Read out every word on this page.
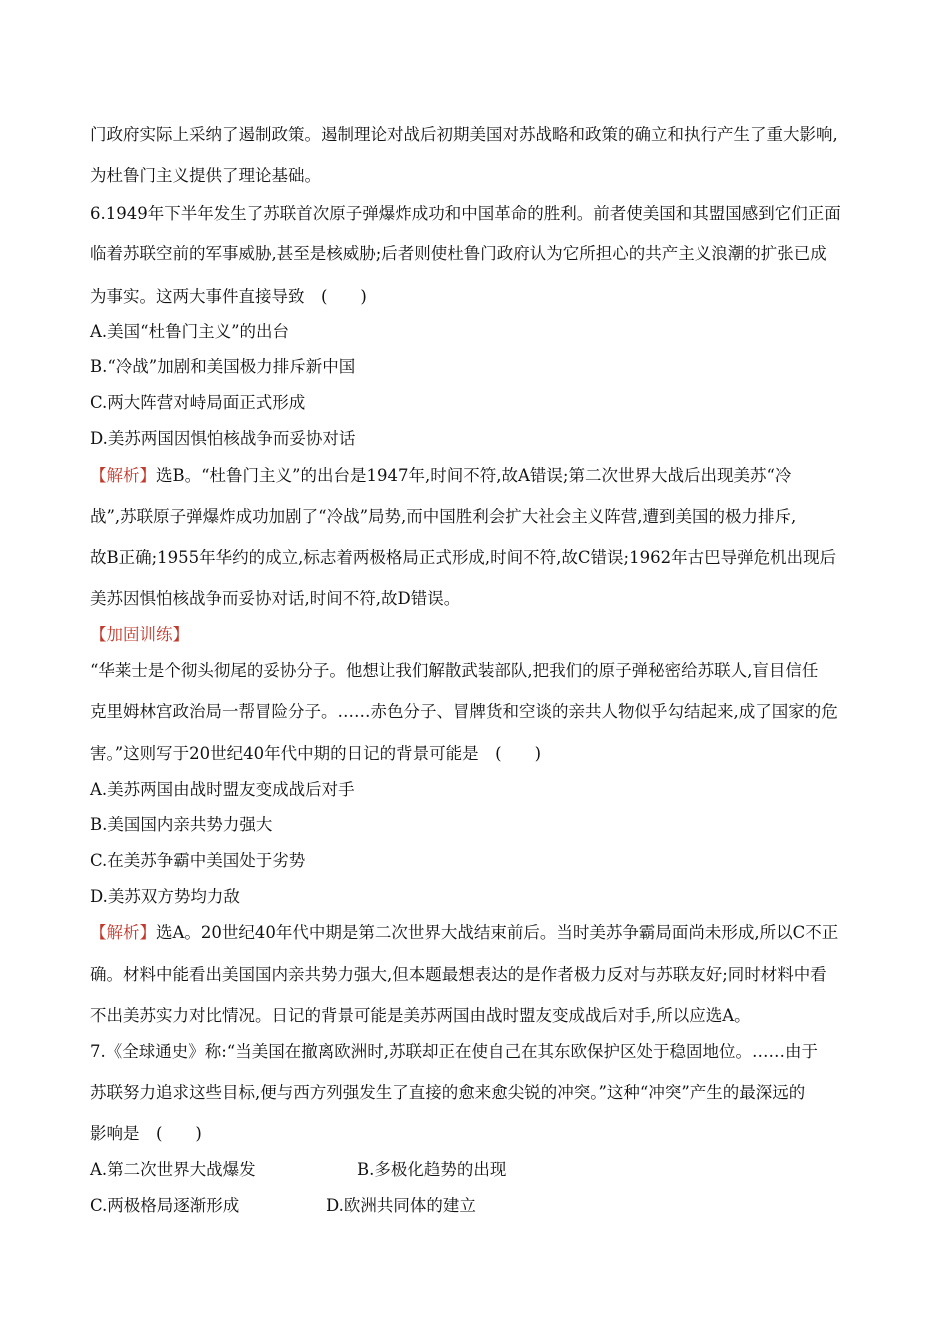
门政府实际上采纳了遏制政策。遏制理论对战后初期美国对苏战略和政策的确立和执行产生了重大影响,
为杜鲁门主义提供了理论基础。
6.1949年下半年发生了苏联首次原子弹爆炸成功和中国革命的胜利。前者使美国和其盟国感到它们正面
临着苏联空前的军事威胁,甚至是核威胁;后者则使杜鲁门政府认为它所担心的共产主义浪潮的扩张已成
为事实。这两大事件直接导致　(　　)
A.美国“杜鲁门主义”的出台
B.“冷战”加剧和美国极力排斥新中国
C.两大阵营对峙局面正式形成
D.美苏两国因惧怕核战争而妥协对话
【解析】选B。“杜鲁门主义”的出台是1947年,时间不符,故A错误;第二次世界大战后出现美苏“冷
战”,苏联原子弹爆炸成功加剧了“冷战”局势,而中国胜利会扩大社会主义阵营,遭到美国的极力排斥,
故B正确;1955年华约的成立,标志着两极格局正式形成,时间不符,故C错误;1962年古巴导弹危机出现后
美苏因惧怕核战争而妥协对话,时间不符,故D错误。
【加固训练】
“华莱士是个彻头彻尾的妥协分子。他想让我们解散武装部队,把我们的原子弹秘密给苏联人,盲目信任
克里姆林宫政治局一帮冒险分子。……赤色分子、冒牌货和空谈的亲共人物似乎勾结起来,成了国家的危
害。”这则写于20世纪40年代中期的日记的背景可能是　(　　)
A.美苏两国由战时盟友变成战后对手
B.美国国内亲共势力强大
C.在美苏争霸中美国处于劣势
D.美苏双方势均力敌
【解析】选A。20世纪40年代中期是第二次世界大战结束前后。当时美苏争霸局面尚未形成,所以C不正
确。材料中能看出美国国内亲共势力强大,但本题最想表达的是作者极力反对与苏联友好;同时材料中看
不出美苏实力对比情况。日记的背景可能是美苏两国由战时盟友变成战后对手,所以应选A。
7.《全球通史》称:“当美国在撤离欧洲时,苏联却正在使自己在其东欧保护区处于稳固地位。……由于
苏联努力追求这些目标,便与西方列强发生了直接的愈来愈尖锐的冲突。”这种“冲突”产生的最深远的
影响是　(　　)
A.第二次世界大战爆发	B.多极化趋势的出现
C.两极格局逐渐形成	D.欧洲共同体的建立
